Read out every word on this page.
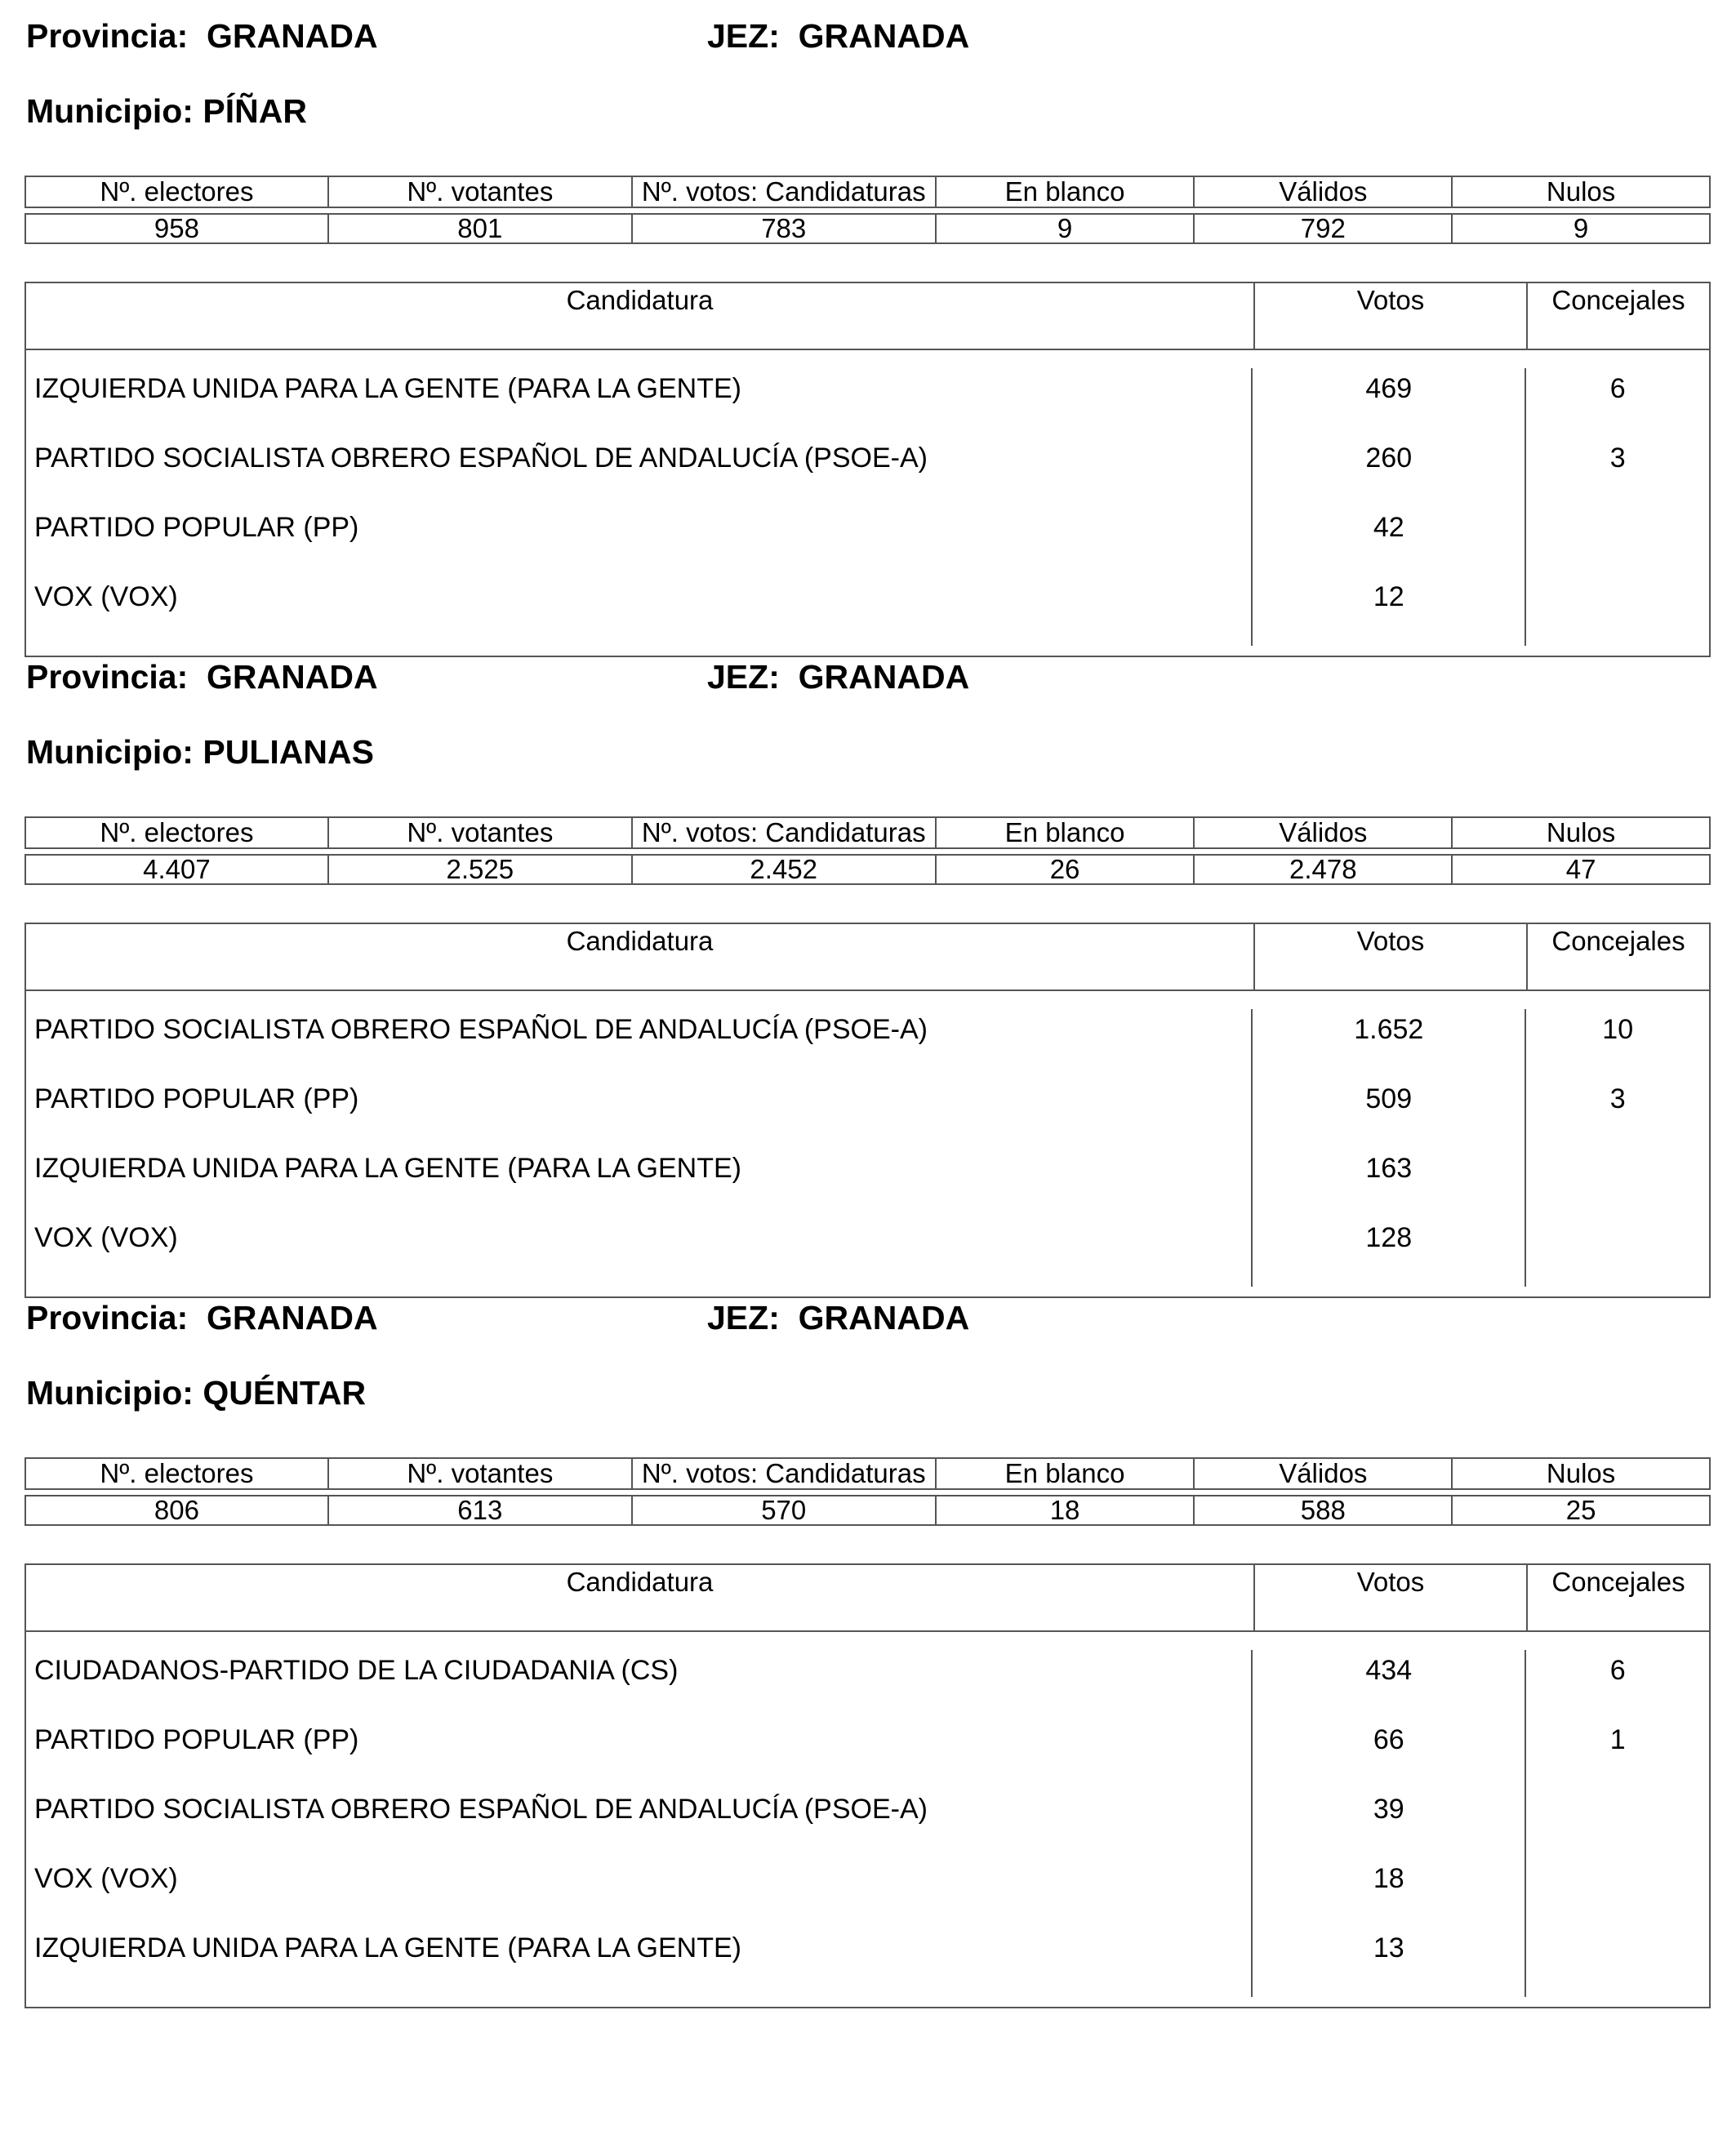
Provincia: GRANADA	JEZ: GRANADA
Municipio: PÍÑAR
Nº. electores	Nº. votantes	Nº. votos: Candidaturas	En blanco	Válidos	Nulos

958	801	783	9	792	9
Candidatura	Votos	Concejales
IZQUIERDA UNIDA PARA LA GENTE (PARA LA GENTE)	469	6
PARTIDO SOCIALISTA OBRERO ESPAÑOL DE ANDALUCÍA (PSOE-A)	260	3
PARTIDO POPULAR (PP)	42
VOX (VOX)	12
Provincia: GRANADA	JEZ: GRANADA
Municipio: PULIANAS
Nº. electores	Nº. votantes	Nº. votos: Candidaturas	En blanco	Válidos	Nulos

4.407	2.525	2.452	26	2.478	47
Candidatura	Votos	Concejales
PARTIDO SOCIALISTA OBRERO ESPAÑOL DE ANDALUCÍA (PSOE-A)	1.652	10
PARTIDO POPULAR (PP)	509	3
IZQUIERDA UNIDA PARA LA GENTE (PARA LA GENTE)	163
VOX (VOX)	128
Provincia: GRANADA	JEZ: GRANADA
Municipio: QUÉNTAR
Nº. electores	Nº. votantes	Nº. votos: Candidaturas	En blanco	Válidos	Nulos

806	613	570	18	588	25
Candidatura	Votos	Concejales
CIUDADANOS-PARTIDO DE LA CIUDADANIA (CS)	434	6
PARTIDO POPULAR (PP)	66	1
PARTIDO SOCIALISTA OBRERO ESPAÑOL DE ANDALUCÍA (PSOE-A)	39
VOX (VOX)	18
IZQUIERDA UNIDA PARA LA GENTE (PARA LA GENTE)	13
